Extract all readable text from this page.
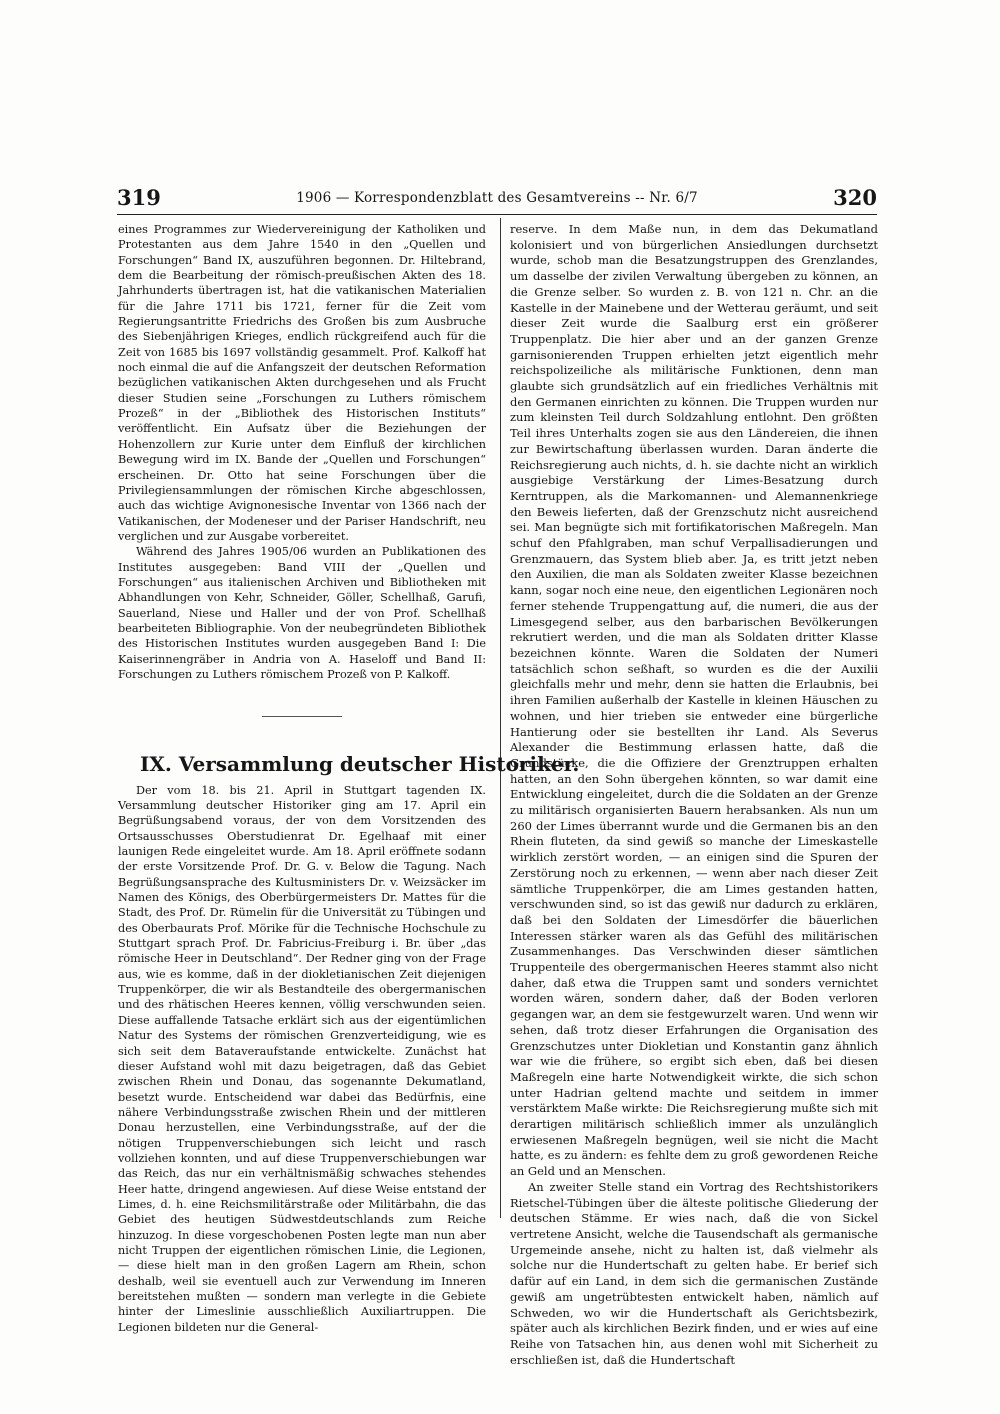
319	1906 — Korrespondenzblatt des Gesamtvereins -- Nr. 6/7	320

eines Programmes zur Wiedervereinigung der Katholiken und Protestanten aus dem Jahre 1540 in den „Quellen und Forschungen“ Band IX, auszuführen begonnen. Dr. Hiltebrand, dem die Bearbeitung der römisch-preußischen Akten des 18. Jahrhunderts übertragen ist, hat die vatikanischen Materialien für die Jahre 1711 bis 1721, ferner für die Zeit vom Regierungsantritte Friedrichs des Großen bis zum Ausbruche des Siebenjährigen Krieges, endlich rückgreifend auch für die Zeit von 1685 bis 1697 vollständig gesammelt. Prof. Kalkoff hat noch einmal die auf die Anfangszeit der deutschen Reformation bezüglichen vatikanischen Akten durchgesehen und als Frucht dieser Studien seine „Forschungen zu Luthers römischem Prozeß“ in der „Bibliothek des Historischen Instituts“ veröffentlicht. Ein Aufsatz über die Beziehungen der Hohenzollern zur Kurie unter dem Einfluß der kirchlichen Bewegung wird im IX. Bande der „Quellen und Forschungen“ erscheinen. Dr. Otto hat seine Forschungen über die Privilegiensammlungen der römischen Kirche abgeschlossen, auch das wichtige Avignonesische Inventar von 1366 nach der Vatikanischen, der Modeneser und der Pariser Handschrift, neu verglichen und zur Ausgabe vorbereitet.

Während des Jahres 1905/06 wurden an Publikationen des Institutes ausgegeben: Band VIII der „Quellen und Forschungen“ aus italienischen Archiven und Bibliotheken mit Abhandlungen von Kehr, Schneider, Göller, Schellhaß, Garufi, Sauerland, Niese und Haller und der von Prof. Schellhaß bearbeiteten Bibliographie. Von der neubegründeten Bibliothek des Historischen Institutes wurden ausgegeben Band I: Die Kaiserinnengräber in Andria von A. Haseloff und Band II: Forschungen zu Luthers römischem Prozeß von P. Kalkoff.

IX. Versammlung deutscher Historiker.

Der vom 18. bis 21. April in Stuttgart tagenden IX. Versammlung deutscher Historiker ging am 17. April ein Begrüßungsabend voraus, der von dem Vorsitzenden des Ortsausschusses Oberstudienrat Dr. Egelhaaf mit einer launigen Rede eingeleitet wurde. Am 18. April eröffnete sodann der erste Vorsitzende Prof. Dr. G. v. Below die Tagung. Nach Begrüßungsansprache des Kultusministers Dr. v. Weizsäcker im Namen des Königs, des Oberbürgermeisters Dr. Mattes für die Stadt, des Prof. Dr. Rümelin für die Universität zu Tübingen und des Oberbaurats Prof. Mörike für die Technische Hochschule zu Stuttgart sprach Prof. Dr. Fabricius-Freiburg i. Br. über „das römische Heer in Deutschland“. Der Redner ging von der Frage aus, wie es komme, daß in der diokletianischen Zeit diejenigen Truppenkörper, die wir als Bestandteile des obergermanischen und des rhätischen Heeres kennen, völlig verschwunden seien. Diese auffallende Tatsache erklärt sich aus der eigentümlichen Natur des Systems der römischen Grenzverteidigung, wie es sich seit dem Bataveraufstande entwickelte. Zunächst hat dieser Aufstand wohl mit dazu beigetragen, daß das Gebiet zwischen Rhein und Donau, das sogenannte Dekumatland, besetzt wurde. Entscheidend war dabei das Bedürfnis, eine nähere Verbindungsstraße zwischen Rhein und der mittleren Donau herzustellen, eine Verbindungsstraße, auf der die nötigen Truppenverschiebungen sich leicht und rasch vollziehen konnten, und auf diese Truppenverschiebungen war das Reich, das nur ein verhältnismäßig schwaches stehendes Heer hatte, dringend angewiesen. Auf diese Weise entstand der Limes, d. h. eine Reichsmilitärstraße oder Militärbahn, die das Gebiet des heutigen Südwestdeutschlands zum Reiche hinzuzog. In diese vorgeschobenen Posten legte man nun aber nicht Truppen der eigentlichen römischen Linie, die Legionen, — diese hielt man in den großen Lagern am Rhein, schon deshalb, weil sie eventuell auch zur Verwendung im Inneren bereitstehen mußten — sondern man verlegte in die Gebiete hinter der Limeslinie ausschließlich Auxiliartruppen. Die Legionen bildeten nur die General-

reserve. In dem Maße nun, in dem das Dekumatland kolonisiert und von bürgerlichen Ansiedlungen durchsetzt wurde, schob man die Besatzungstruppen des Grenzlandes, um dasselbe der zivilen Verwaltung übergeben zu können, an die Grenze selber. So wurden z. B. von 121 n. Chr. an die Kastelle in der Mainebene und der Wetterau geräumt, und seit dieser Zeit wurde die Saalburg erst ein größerer Truppenplatz. Die hier aber und an der ganzen Grenze garnisonierenden Truppen erhielten jetzt eigentlich mehr reichspolizeiliche als militärische Funktionen, denn man glaubte sich grundsätzlich auf ein friedliches Verhältnis mit den Germanen einrichten zu können. Die Truppen wurden nur zum kleinsten Teil durch Soldzahlung entlohnt. Den größten Teil ihres Unterhalts zogen sie aus den Ländereien, die ihnen zur Bewirtschaftung überlassen wurden. Daran änderte die Reichsregierung auch nichts, d. h. sie dachte nicht an wirklich ausgiebige Verstärkung der Limes-Besatzung durch Kerntruppen, als die Markomannen- und Alemannenkriege den Beweis lieferten, daß der Grenzschutz nicht ausreichend sei. Man begnügte sich mit fortifikatorischen Maßregeln. Man schuf den Pfahlgraben, man schuf Verpallisadierungen und Grenzmauern, das System blieb aber. Ja, es tritt jetzt neben den Auxilien, die man als Soldaten zweiter Klasse bezeichnen kann, sogar noch eine neue, den eigentlichen Legionären noch ferner stehende Truppengattung auf, die numeri, die aus der Limesgegend selber, aus den barbarischen Bevölkerungen rekrutiert werden, und die man als Soldaten dritter Klasse bezeichnen könnte. Waren die Soldaten der Numeri tatsächlich schon seßhaft, so wurden es die der Auxilii gleichfalls mehr und mehr, denn sie hatten die Erlaubnis, bei ihren Familien außerhalb der Kastelle in kleinen Häuschen zu wohnen, und hier trieben sie entweder eine bürgerliche Hantierung oder sie bestellten ihr Land. Als Severus Alexander die Bestimmung erlassen hatte, daß die Grundstücke, die die Offiziere der Grenztruppen erhalten hatten, an den Sohn übergehen könnten, so war damit eine Entwicklung eingeleitet, durch die die Soldaten an der Grenze zu militärisch organisierten Bauern herabsanken. Als nun um 260 der Limes überrannt wurde und die Germanen bis an den Rhein fluteten, da sind gewiß so manche der Limeskastelle wirklich zerstört worden, — an einigen sind die Spuren der Zerstörung noch zu erkennen, — wenn aber nach dieser Zeit sämtliche Truppenkörper, die am Limes gestanden hatten, verschwunden sind, so ist das gewiß nur dadurch zu erklären, daß bei den Soldaten der Limesdörfer die bäuerlichen Interessen stärker waren als das Gefühl des militärischen Zusammenhanges. Das Verschwinden dieser sämtlichen Truppenteile des obergermanischen Heeres stammt also nicht daher, daß etwa die Truppen samt und sonders vernichtet worden wären, sondern daher, daß der Boden verloren gegangen war, an dem sie festgewurzelt waren. Und wenn wir sehen, daß trotz dieser Erfahrungen die Organisation des Grenzschutzes unter Diokletian und Konstantin ganz ähnlich war wie die frühere, so ergibt sich eben, daß bei diesen Maßregeln eine harte Notwendigkeit wirkte, die sich schon unter Hadrian geltend machte und seitdem in immer verstärktem Maße wirkte: Die Reichsregierung mußte sich mit derartigen militärisch schließlich immer als unzulänglich erwiesenen Maßregeln begnügen, weil sie nicht die Macht hatte, es zu ändern: es fehlte dem zu groß gewordenen Reiche an Geld und an Menschen.

An zweiter Stelle stand ein Vortrag des Rechtshistorikers Rietschel-Tübingen über die älteste politische Gliederung der deutschen Stämme. Er wies nach, daß die von Sickel vertretene Ansicht, welche die Tausendschaft als germanische Urgemeinde ansehe, nicht zu halten ist, daß vielmehr als solche nur die Hundertschaft zu gelten habe. Er berief sich dafür auf ein Land, in dem sich die germanischen Zustände gewiß am ungetrübtesten entwickelt haben, nämlich auf Schweden, wo wir die Hundertschaft als Gerichtsbezirk, später auch als kirchlichen Bezirk finden, und er wies auf eine Reihe von Tatsachen hin, aus denen wohl mit Sicherheit zu erschließen ist, daß die Hundertschaft
